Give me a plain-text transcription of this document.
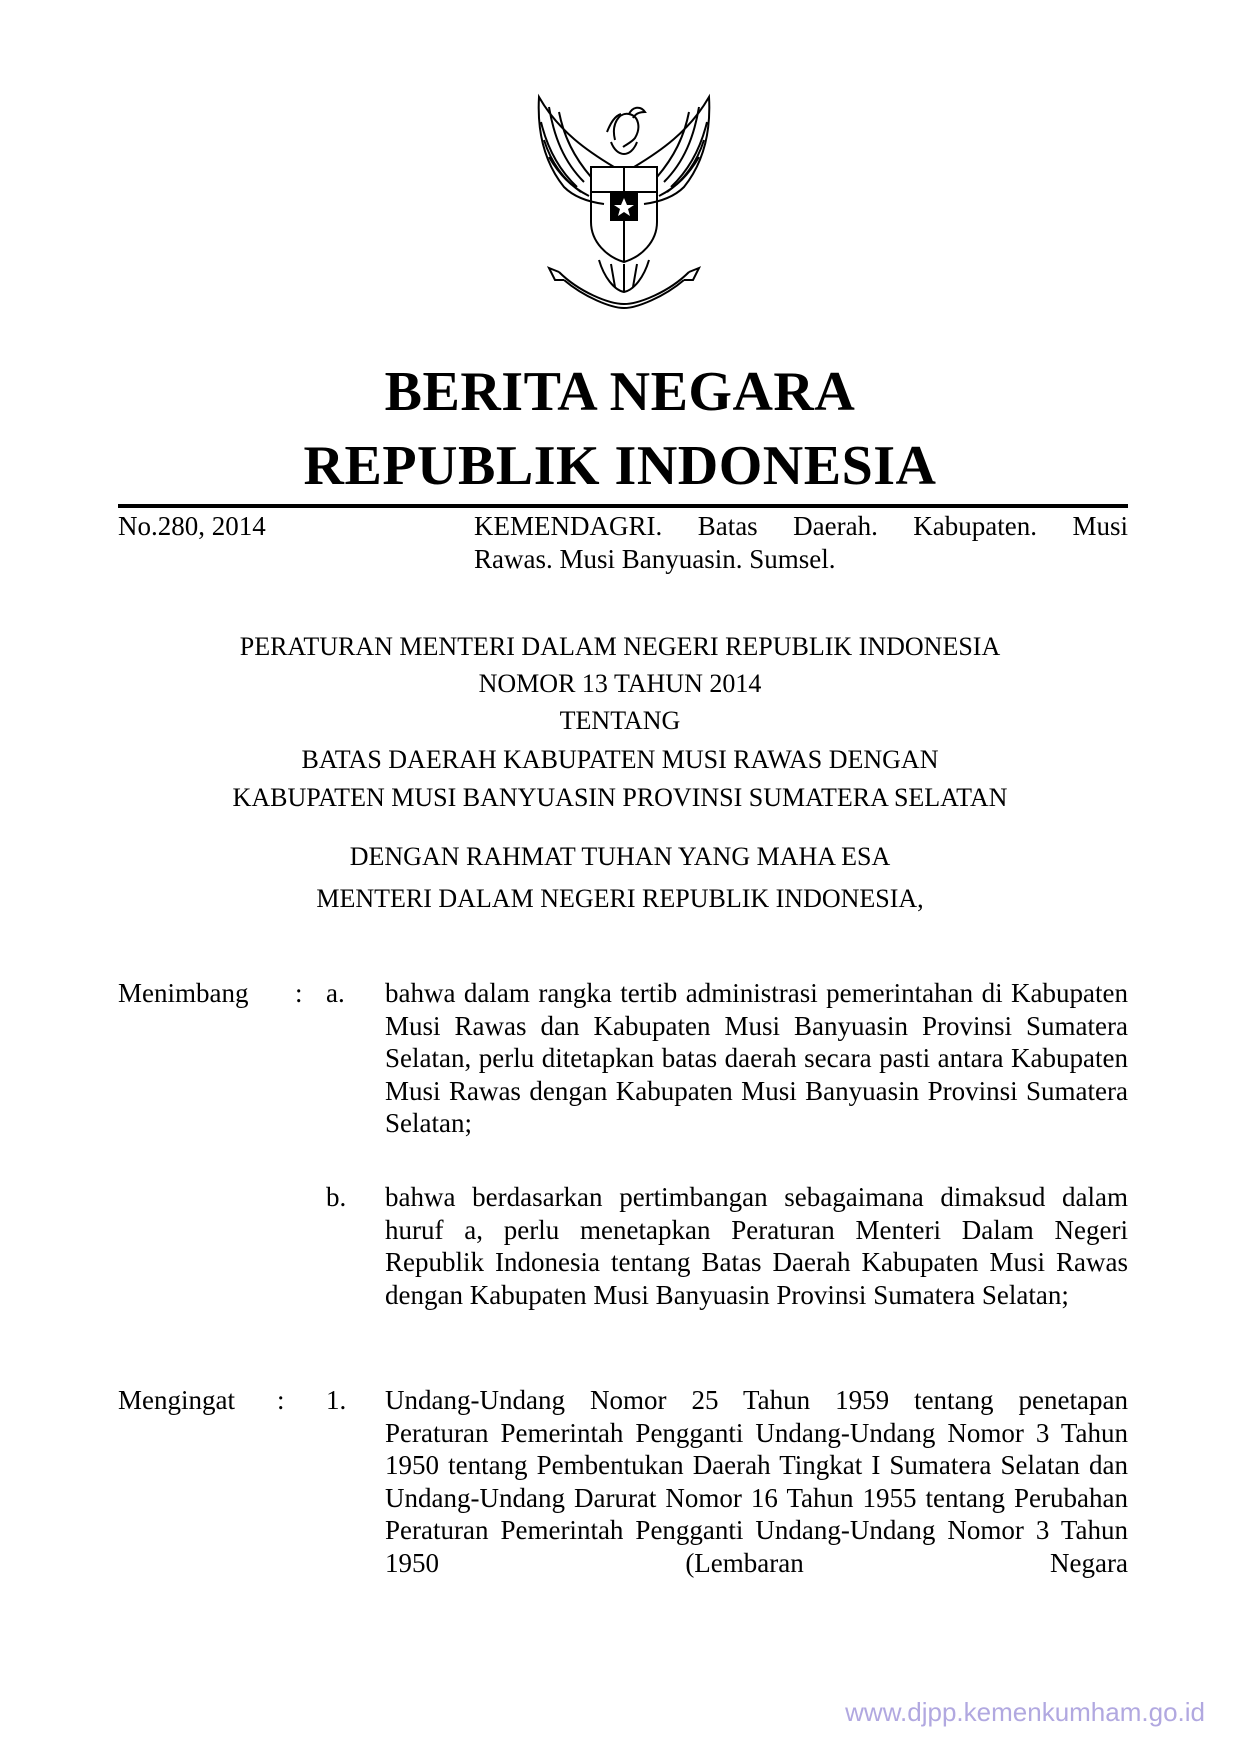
BERITA NEGARA
REPUBLIK INDONESIA
No.280, 2014	KEMENDAGRI. Batas Daerah. Kabupaten. Musi
Rawas. Musi Banyuasin. Sumsel.
PERATURAN MENTERI DALAM NEGERI REPUBLIK INDONESIA
NOMOR 13 TAHUN 2014
TENTANG
BATAS DAERAH KABUPATEN MUSI RAWAS DENGAN
KABUPATEN MUSI BANYUASIN PROVINSI SUMATERA SELATAN
DENGAN RAHMAT TUHAN YANG MAHA ESA
MENTERI DALAM NEGERI REPUBLIK INDONESIA,
Menimbang : a. bahwa dalam rangka tertib administrasi pemerintahan di Kabupaten Musi Rawas dan Kabupaten Musi Banyuasin Provinsi Sumatera Selatan, perlu ditetapkan batas daerah secara pasti antara Kabupaten Musi Rawas dengan Kabupaten Musi Banyuasin Provinsi Sumatera Selatan;
b. bahwa berdasarkan pertimbangan sebagaimana dimaksud dalam huruf a, perlu menetapkan Peraturan Menteri Dalam Negeri Republik Indonesia tentang Batas Daerah Kabupaten Musi Rawas dengan Kabupaten Musi Banyuasin Provinsi Sumatera Selatan;
Mengingat : 1. Undang-Undang Nomor 25 Tahun 1959 tentang penetapan Peraturan Pemerintah Pengganti Undang-Undang Nomor 3 Tahun 1950 tentang Pembentukan Daerah Tingkat I Sumatera Selatan dan Undang-Undang Darurat Nomor 16 Tahun 1955 tentang Perubahan Peraturan Pemerintah Pengganti Undang-Undang Nomor 3 Tahun 1950 (Lembaran Negara
www.djpp.kemenkumham.go.id
